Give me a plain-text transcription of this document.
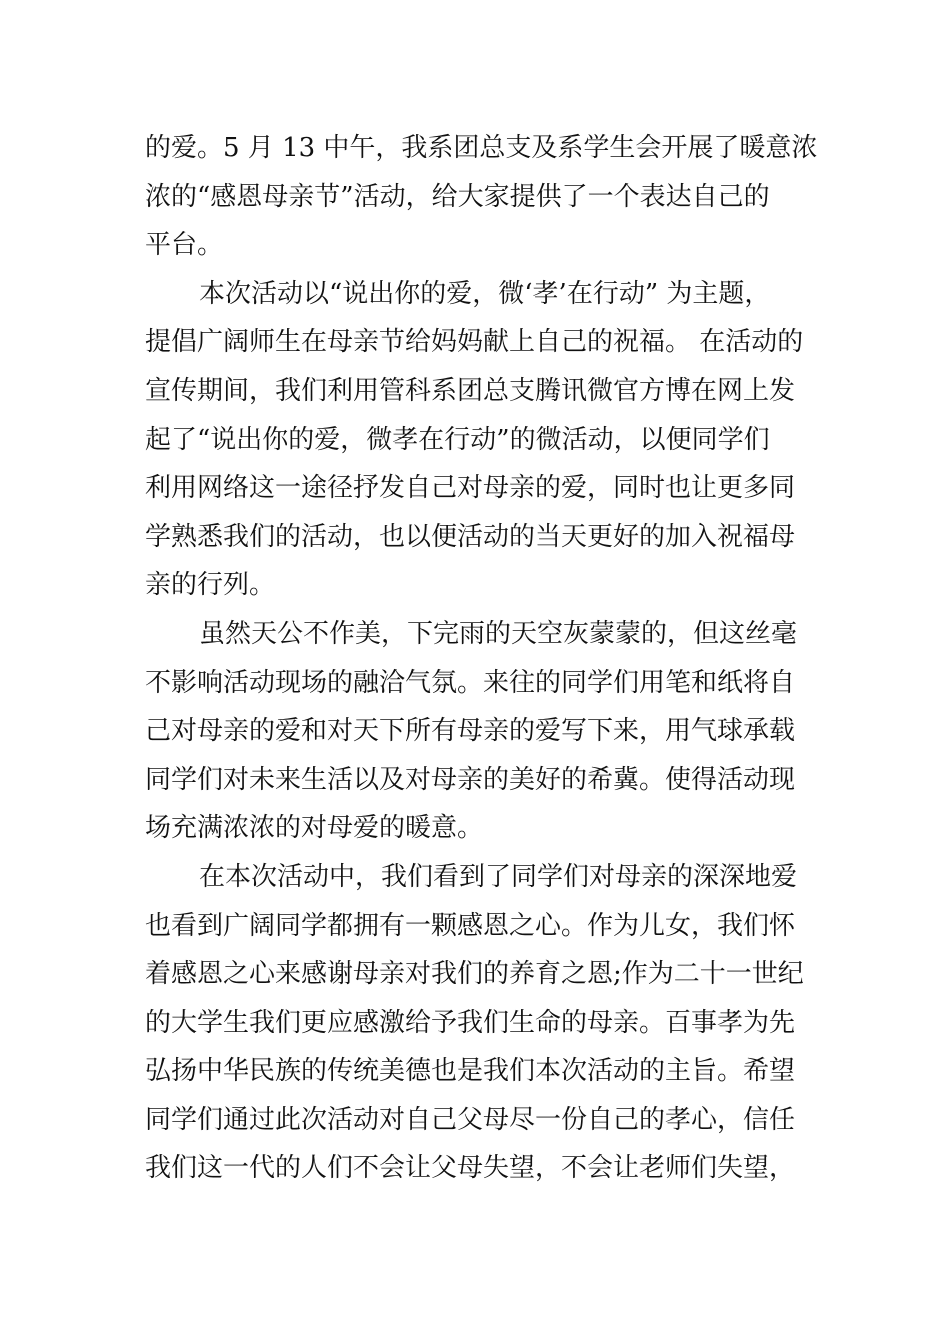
的爱。5 月 13 中午，我系团总支及系学生会开展了暖意浓
浓的“感恩母亲节”活动，给大家提供了一个表达自己的
平台。
本次活动以“说出你的爱，微‘孝’在行动” 为主题，
提倡广阔师生在母亲节给妈妈献上自己的祝福。 在活动的
宣传期间，我们利用管科系团总支腾讯微官方博在网上发
起了“说出你的爱，微孝在行动”的微活动，以便同学们
利用网络这一途径抒发自己对母亲的爱，同时也让更多同
学熟悉我们的活动，也以便活动的当天更好的加入祝福母
亲的行列。
虽然天公不作美，下完雨的天空灰蒙蒙的，但这丝毫
不影响活动现场的融洽气氛。来往的同学们用笔和纸将自
己对母亲的爱和对天下所有母亲的爱写下来，用气球承载
同学们对未来生活以及对母亲的美好的希冀。使得活动现
场充满浓浓的对母爱的暖意。
在本次活动中，我们看到了同学们对母亲的深深地爱
也看到广阔同学都拥有一颗感恩之心。作为儿女，我们怀
着感恩之心来感谢母亲对我们的养育之恩;作为二十一世纪
的大学生我们更应感激给予我们生命的母亲。百事孝为先
弘扬中华民族的传统美德也是我们本次活动的主旨。希望
同学们通过此次活动对自己父母尽一份自己的孝心，信任
我们这一代的人们不会让父母失望，不会让老师们失望，
